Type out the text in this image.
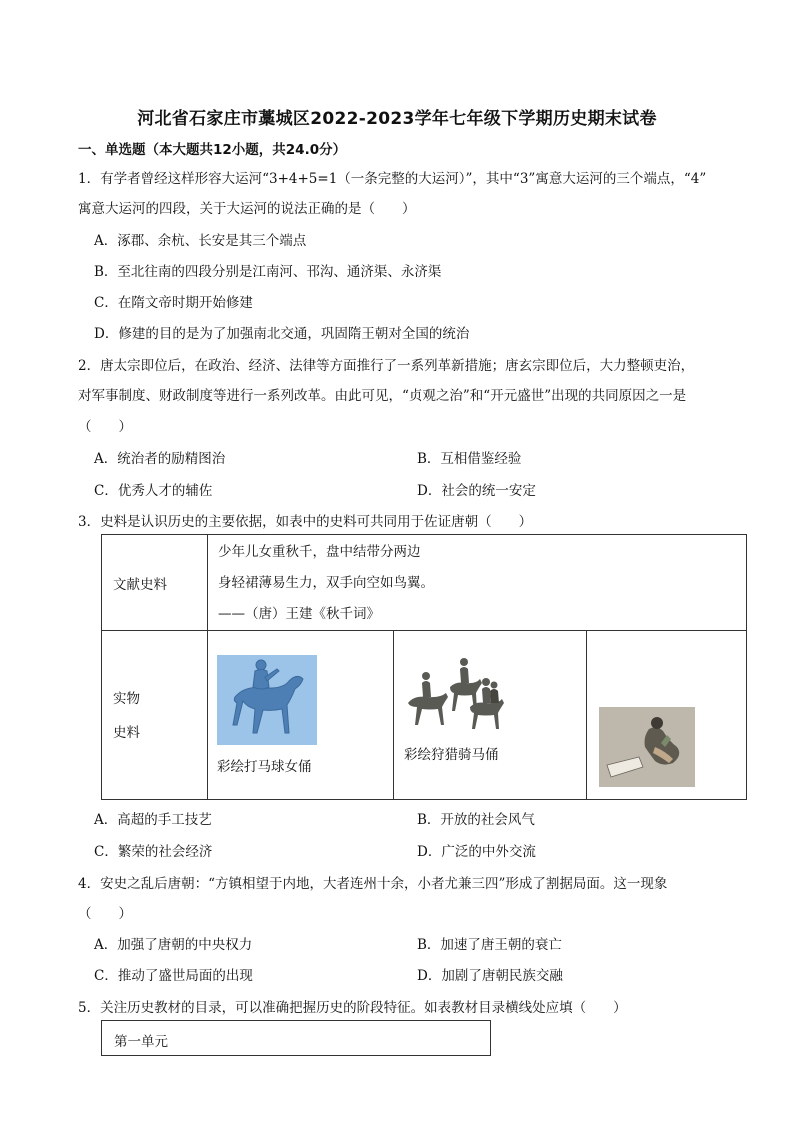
河北省石家庄市藁城区2022-2023学年七年级下学期历史期末试卷
一、单选题（本大题共12小题，共24.0分）
1．有学者曾经这样形容大运河“3+4+5=1（一条完整的大运河）”，其中“3”寓意大运河的三个端点，“4”
寓意大运河的四段，关于大运河的说法正确的是（　　）
A．涿郡、余杭、长安是其三个端点
B．至北往南的四段分别是江南河、邗沟、通济渠、永济渠
C．在隋文帝时期开始修建
D．修建的目的是为了加强南北交通，巩固隋王朝对全国的统治
2．唐太宗即位后，在政治、经济、法律等方面推行了一系列革新措施；唐玄宗即位后，大力整顿吏治，
对军事制度、财政制度等进行一系列改革。由此可见，“贞观之治”和“开元盛世”出现的共同原因之一是
（　　）
A．统治者的励精图治	B．互相借鉴经验
C．优秀人才的辅佐	D．社会的统一安定
3．史料是认识历史的主要依据，如表中的史料可共同用于佐证唐朝（　　）
文献史料	少年儿女重秋千，盘中结带分两边
身轻裙薄易生力，双手向空如鸟翼。
——（唐）王建《秋千词》		

实物
史料	彩绘打马球女俑	彩绘狩猎骑马俑

A．高超的手工技艺	B．开放的社会风气
C．繁荣的社会经济	D．广泛的中外交流
4．安史之乱后唐朝：“方镇相望于内地，大者连州十余，小者尤兼三四”形成了割据局面。这一现象
（　　）
A．加强了唐朝的中央权力	B．加速了唐王朝的衰亡
C．推动了盛世局面的出现	D．加剧了唐朝民族交融
5．关注历史教材的目录，可以准确把握历史的阶段特征。如表教材目录横线处应填（　　）
第一单元
